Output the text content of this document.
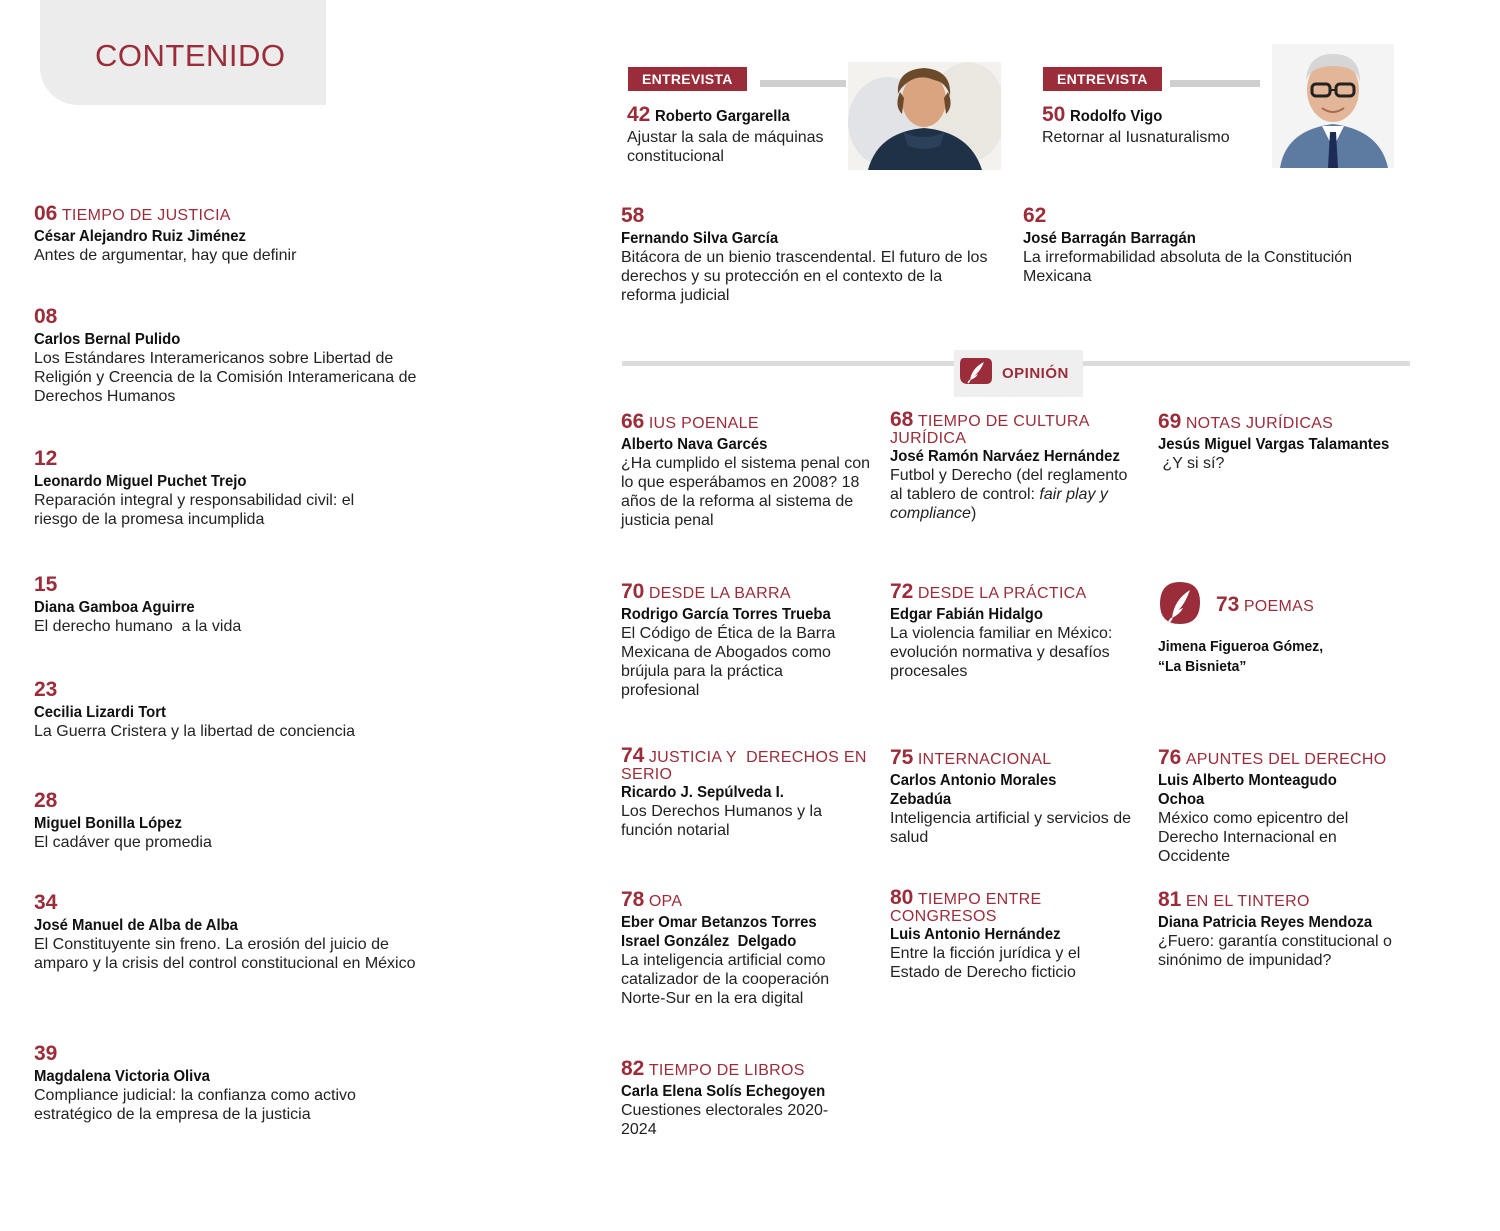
CONTENIDO
ENTREVISTA
42 Roberto Gargarella
Ajustar la sala de máquinas constitucional
ENTREVISTA
50 Rodolfo Vigo
Retornar al Iusnaturalismo
06 TIEMPO DE JUSTICIA
César Alejandro Ruiz Jiménez
Antes de argumentar, hay que definir
08
Carlos Bernal Pulido
Los Estándares Interamericanos sobre Libertad de Religión y Creencia de la Comisión Interamericana de Derechos Humanos
12
Leonardo Miguel Puchet Trejo
Reparación integral y responsabilidad civil: el riesgo de la promesa incumplida
15
Diana Gamboa Aguirre
El derecho humano  a la vida
23
Cecilia Lizardi Tort
La Guerra Cristera y la libertad de conciencia
28
Miguel Bonilla López
El cadáver que promedia
34
José Manuel de Alba de Alba
El Constituyente sin freno. La erosión del juicio de amparo y la crisis del control constitucional en México
39
Magdalena Victoria Oliva
Compliance judicial: la confianza como activo estratégico de la empresa de la justicia
58
Fernando Silva García
Bitácora de un bienio trascendental. El futuro de los derechos y su protección en el contexto de la reforma judicial
62
José Barragán Barragán
La irreformabilidad absoluta de la Constitución Mexicana
OPINIÓN
66 IUS POENALE
Alberto Nava Garcés
¿Ha cumplido el sistema penal con lo que esperábamos en 2008? 18 años de la reforma al sistema de justicia penal
68 TIEMPO DE CULTURA JURÍDICA
José Ramón Narváez Hernández
Futbol y Derecho (del reglamento al tablero de control: fair play y compliance)
69 NOTAS JURÍDICAS
Jesús Miguel Vargas Talamantes
¿Y si sí?
70 DESDE LA BARRA
Rodrigo García Torres Trueba
El Código de Ética de la Barra Mexicana de Abogados como brújula para la práctica profesional
72 DESDE LA PRÁCTICA
Edgar Fabián Hidalgo
La violencia familiar en México: evolución normativa y desafíos procesales
73 POEMAS
Jimena Figueroa Gómez,
“La Bisnieta”
74 JUSTICIA Y  DERECHOS EN SERIO
Ricardo J. Sepúlveda I.
Los Derechos Humanos y la función notarial
75 INTERNACIONAL
Carlos Antonio Morales Zebadúa
Inteligencia artificial y servicios de salud
76 APUNTES DEL DERECHO
Luis Alberto Monteagudo Ochoa
México como epicentro del Derecho Internacional en Occidente
78 OPA
Eber Omar Betanzos Torres
Israel González  Delgado
La inteligencia artificial como catalizador de la cooperación Norte-Sur en la era digital
80 TIEMPO ENTRE CONGRESOS
Luis Antonio Hernández
Entre la ficción jurídica y el Estado de Derecho ficticio
81 EN EL TINTERO
Diana Patricia Reyes Mendoza
¿Fuero: garantía constitucional o sinónimo de impunidad?
82 TIEMPO DE LIBROS
Carla Elena Solís Echegoyen
Cuestiones electorales 2020-2024
